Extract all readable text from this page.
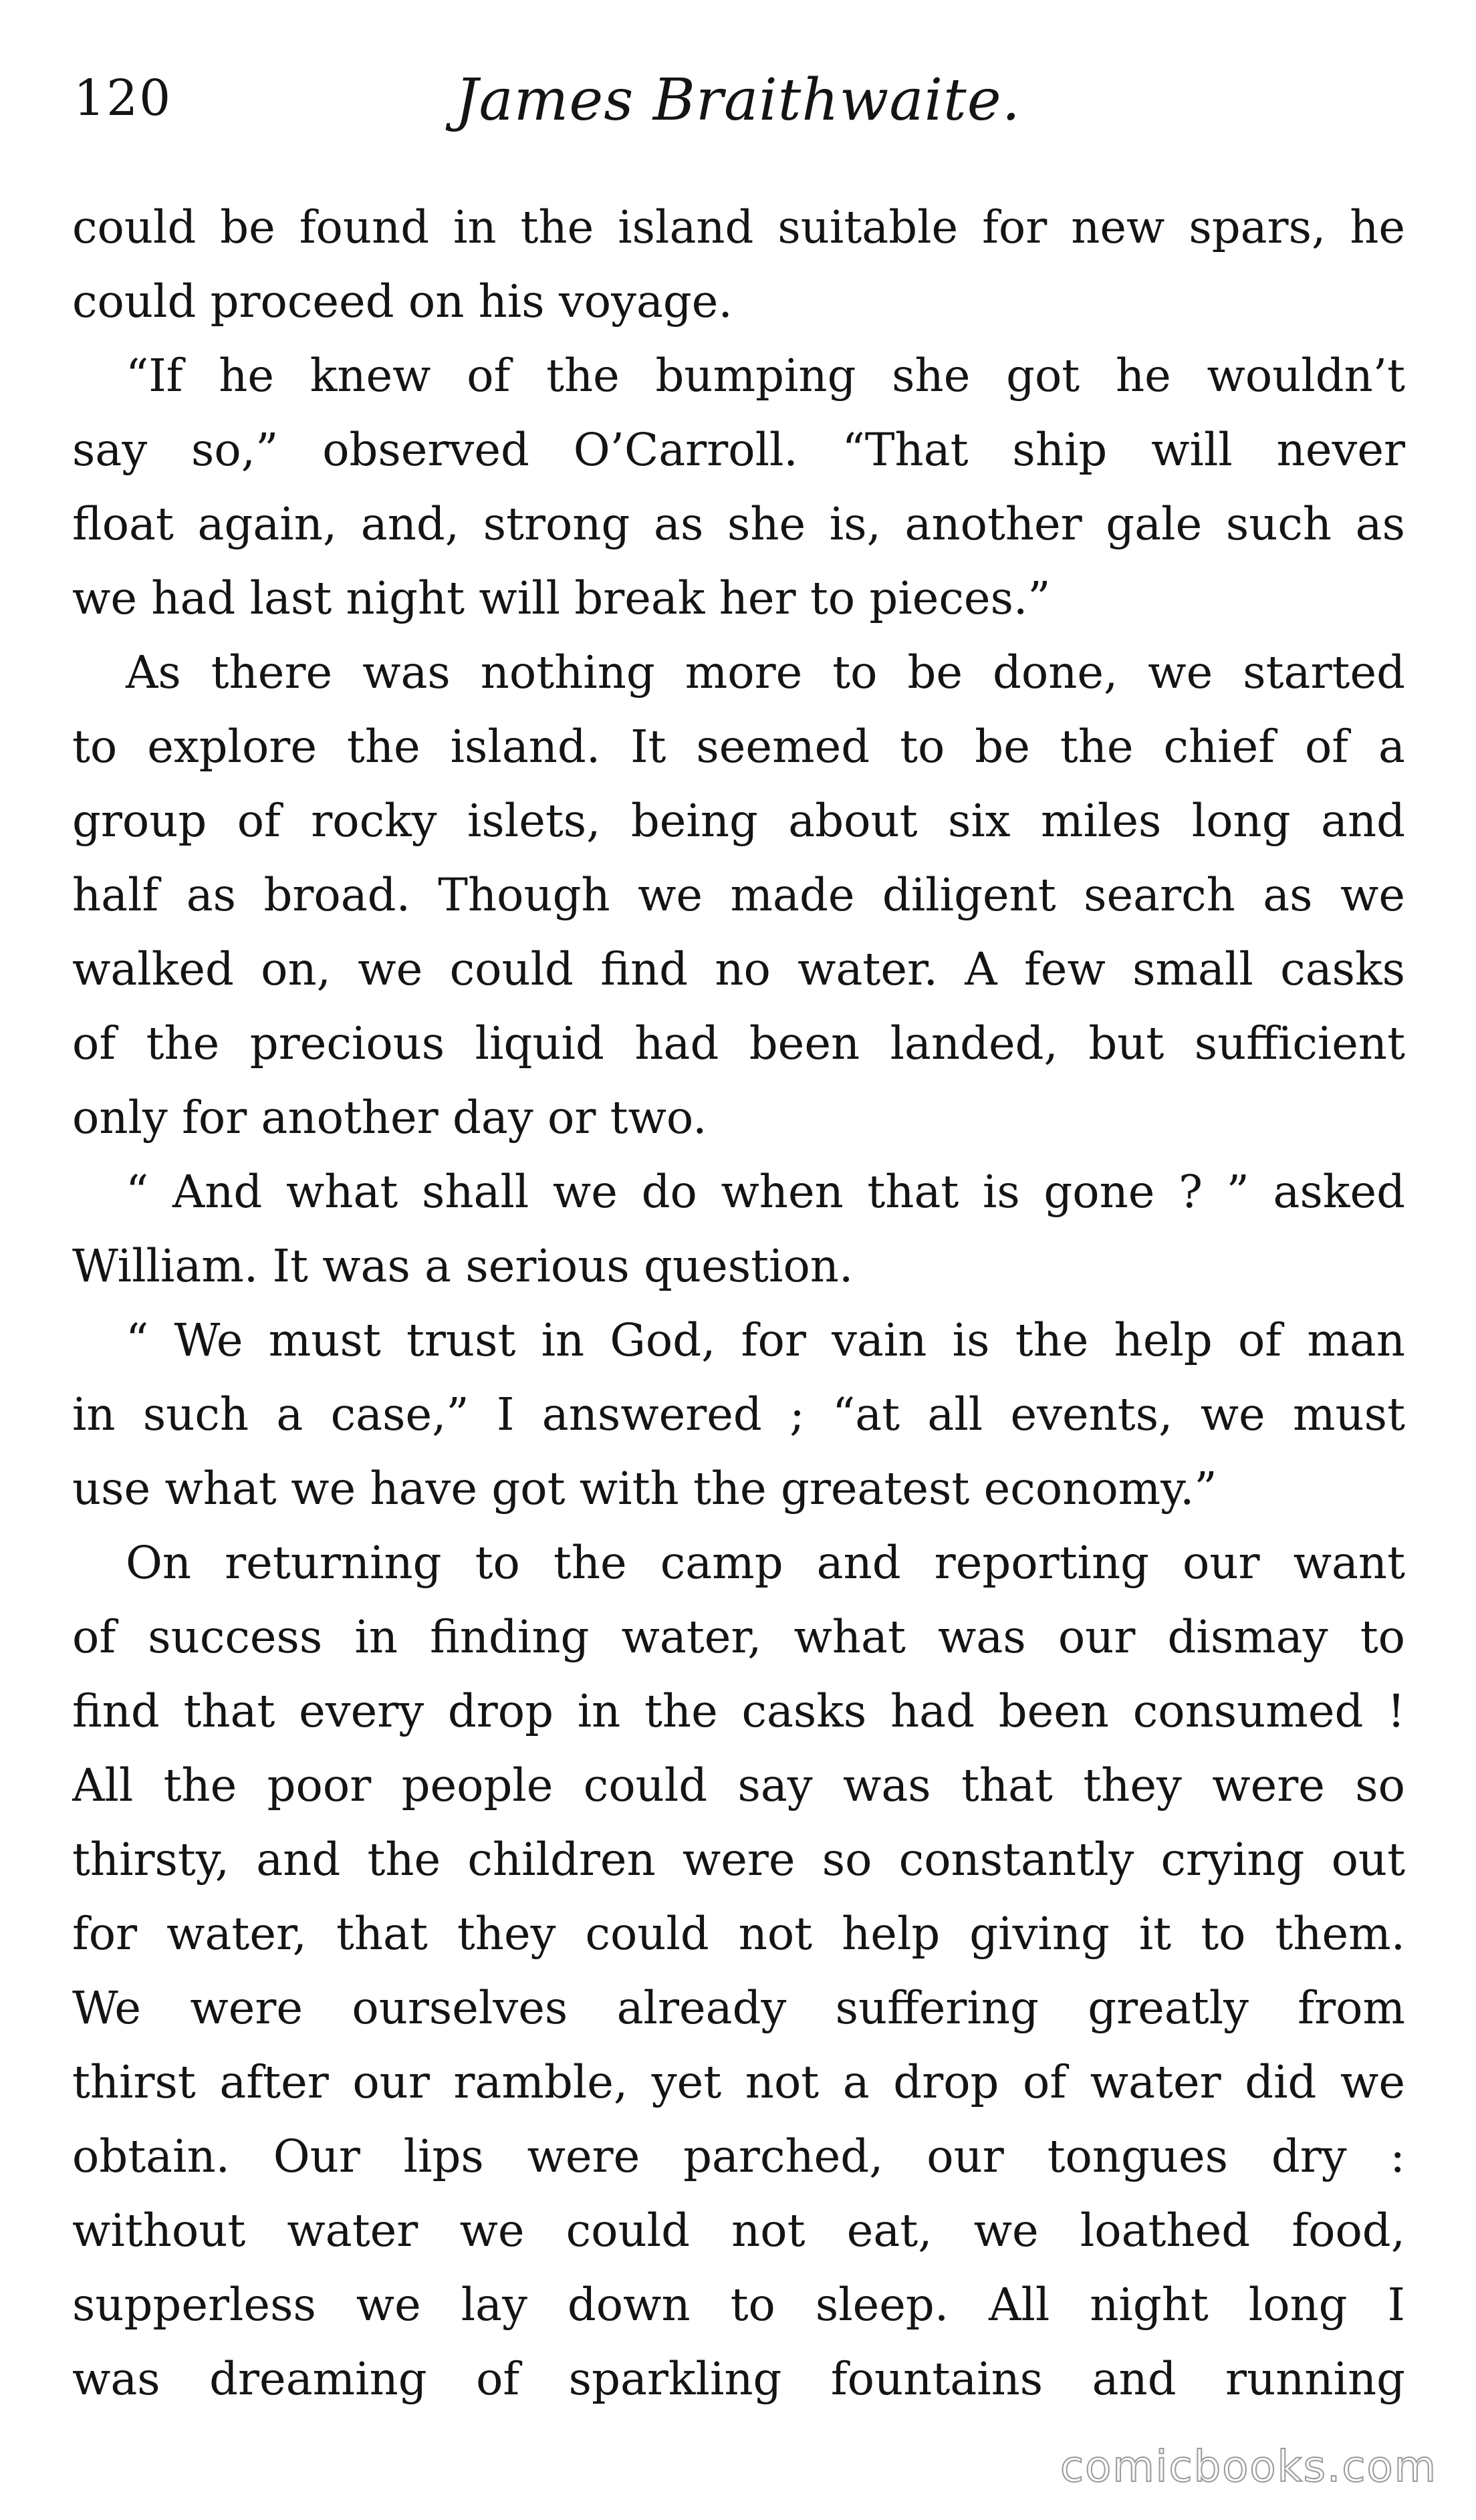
120	James Braithwaite.
could be found in the island suitable for new spars, he
could proceed on his voyage.
“If he knew of the bumping she got he wouldn’t
say so,” observed O’Carroll. “That ship will never
float again, and, strong as she is, another gale such as
we had last night will break her to pieces.”
As there was nothing more to be done, we started
to explore the island. It seemed to be the chief of a
group of rocky islets, being about six miles long and
half as broad. Though we made diligent search as we
walked on, we could find no water. A few small casks
of the precious liquid had been landed, but sufficient
only for another day or two.
“ And what shall we do when that is gone ? ” asked
William. It was a serious question.
“ We must trust in God, for vain is the help of man
in such a case,” I answered ; “at all events, we must
use what we have got with the greatest economy.”
On returning to the camp and reporting our want
of success in finding water, what was our dismay to
find that every drop in the casks had been consumed !
All the poor people could say was that they were so
thirsty, and the children were so constantly crying out
for water, that they could not help giving it to them.
We were ourselves already suffering greatly from
thirst after our ramble, yet not a drop of water did we
obtain. Our lips were parched, our tongues dry :
without water we could not eat, we loathed food,
supperless we lay down to sleep. All night long I
was dreaming of sparkling fountains and running
comicbooks.com
